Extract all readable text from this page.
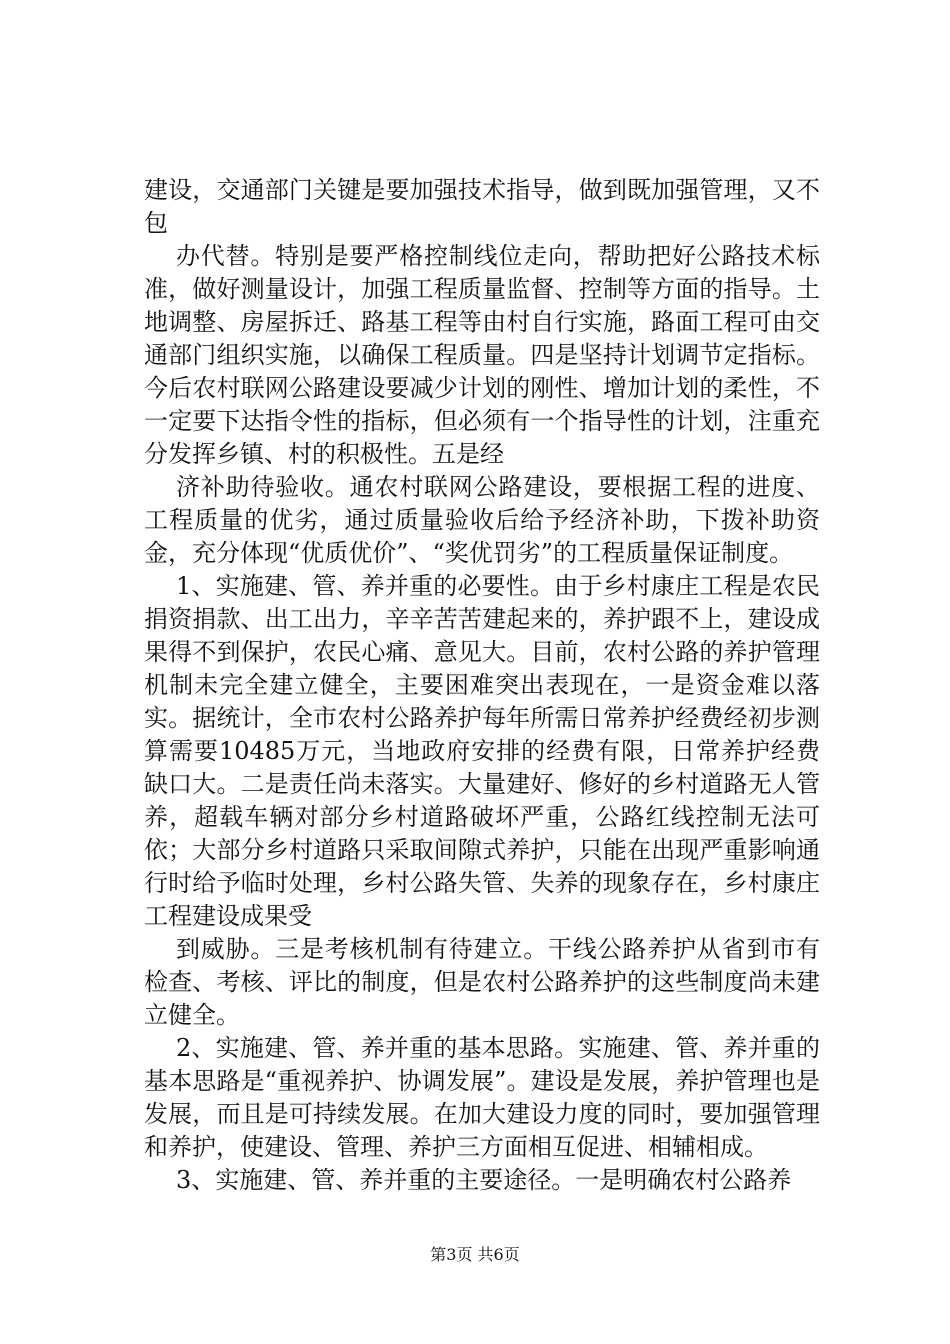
建设，交通部门关键是要加强技术指导，做到既加强管理，又不包

办代替。特别是要严格控制线位走向，帮助把好公路技术标准，做好测量设计，加强工程质量监督、控制等方面的指导。土地调整、房屋拆迁、路基工程等由村自行实施，路面工程可由交通部门组织实施，以确保工程质量。四是坚持计划调节定指标。今后农村联网公路建设要减少计划的刚性、增加计划的柔性，不一定要下达指令性的指标，但必须有一个指导性的计划，注重充分发挥乡镇、村的积极性。五是经

济补助待验收。通农村联网公路建设，要根据工程的进度、工程质量的优劣，通过质量验收后给予经济补助，下拨补助资金，充分体现“优质优价”、“奖优罚劣”的工程质量保证制度。

1、实施建、管、养并重的必要性。由于乡村康庄工程是农民捐资捐款、出工出力，辛辛苦苦建起来的，养护跟不上，建设成果得不到保护，农民心痛、意见大。目前，农村公路的养护管理机制未完全建立健全，主要困难突出表现在，一是资金难以落实。据统计，全市农村公路养护每年所需日常养护经费经初步测算需要10485万元，当地政府安排的经费有限，日常养护经费缺口大。二是责任尚未落实。大量建好、修好的乡村道路无人管养，超载车辆对部分乡村道路破坏严重，公路红线控制无法可依；大部分乡村道路只采取间隙式养护，只能在出现严重影响通行时给予临时处理，乡村公路失管、失养的现象存在，乡村康庄工程建设成果受

到威胁。三是考核机制有待建立。干线公路养护从省到市有检查、考核、评比的制度，但是农村公路养护的这些制度尚未建立健全。

2、实施建、管、养并重的基本思路。实施建、管、养并重的基本思路是“重视养护、协调发展”。建设是发展，养护管理也是发展，而且是可持续发展。在加大建设力度的同时，要加强管理和养护，使建设、管理、养护三方面相互促进、相辅相成。

3、实施建、管、养并重的主要途径。一是明确农村公路养

第3页 共6页
